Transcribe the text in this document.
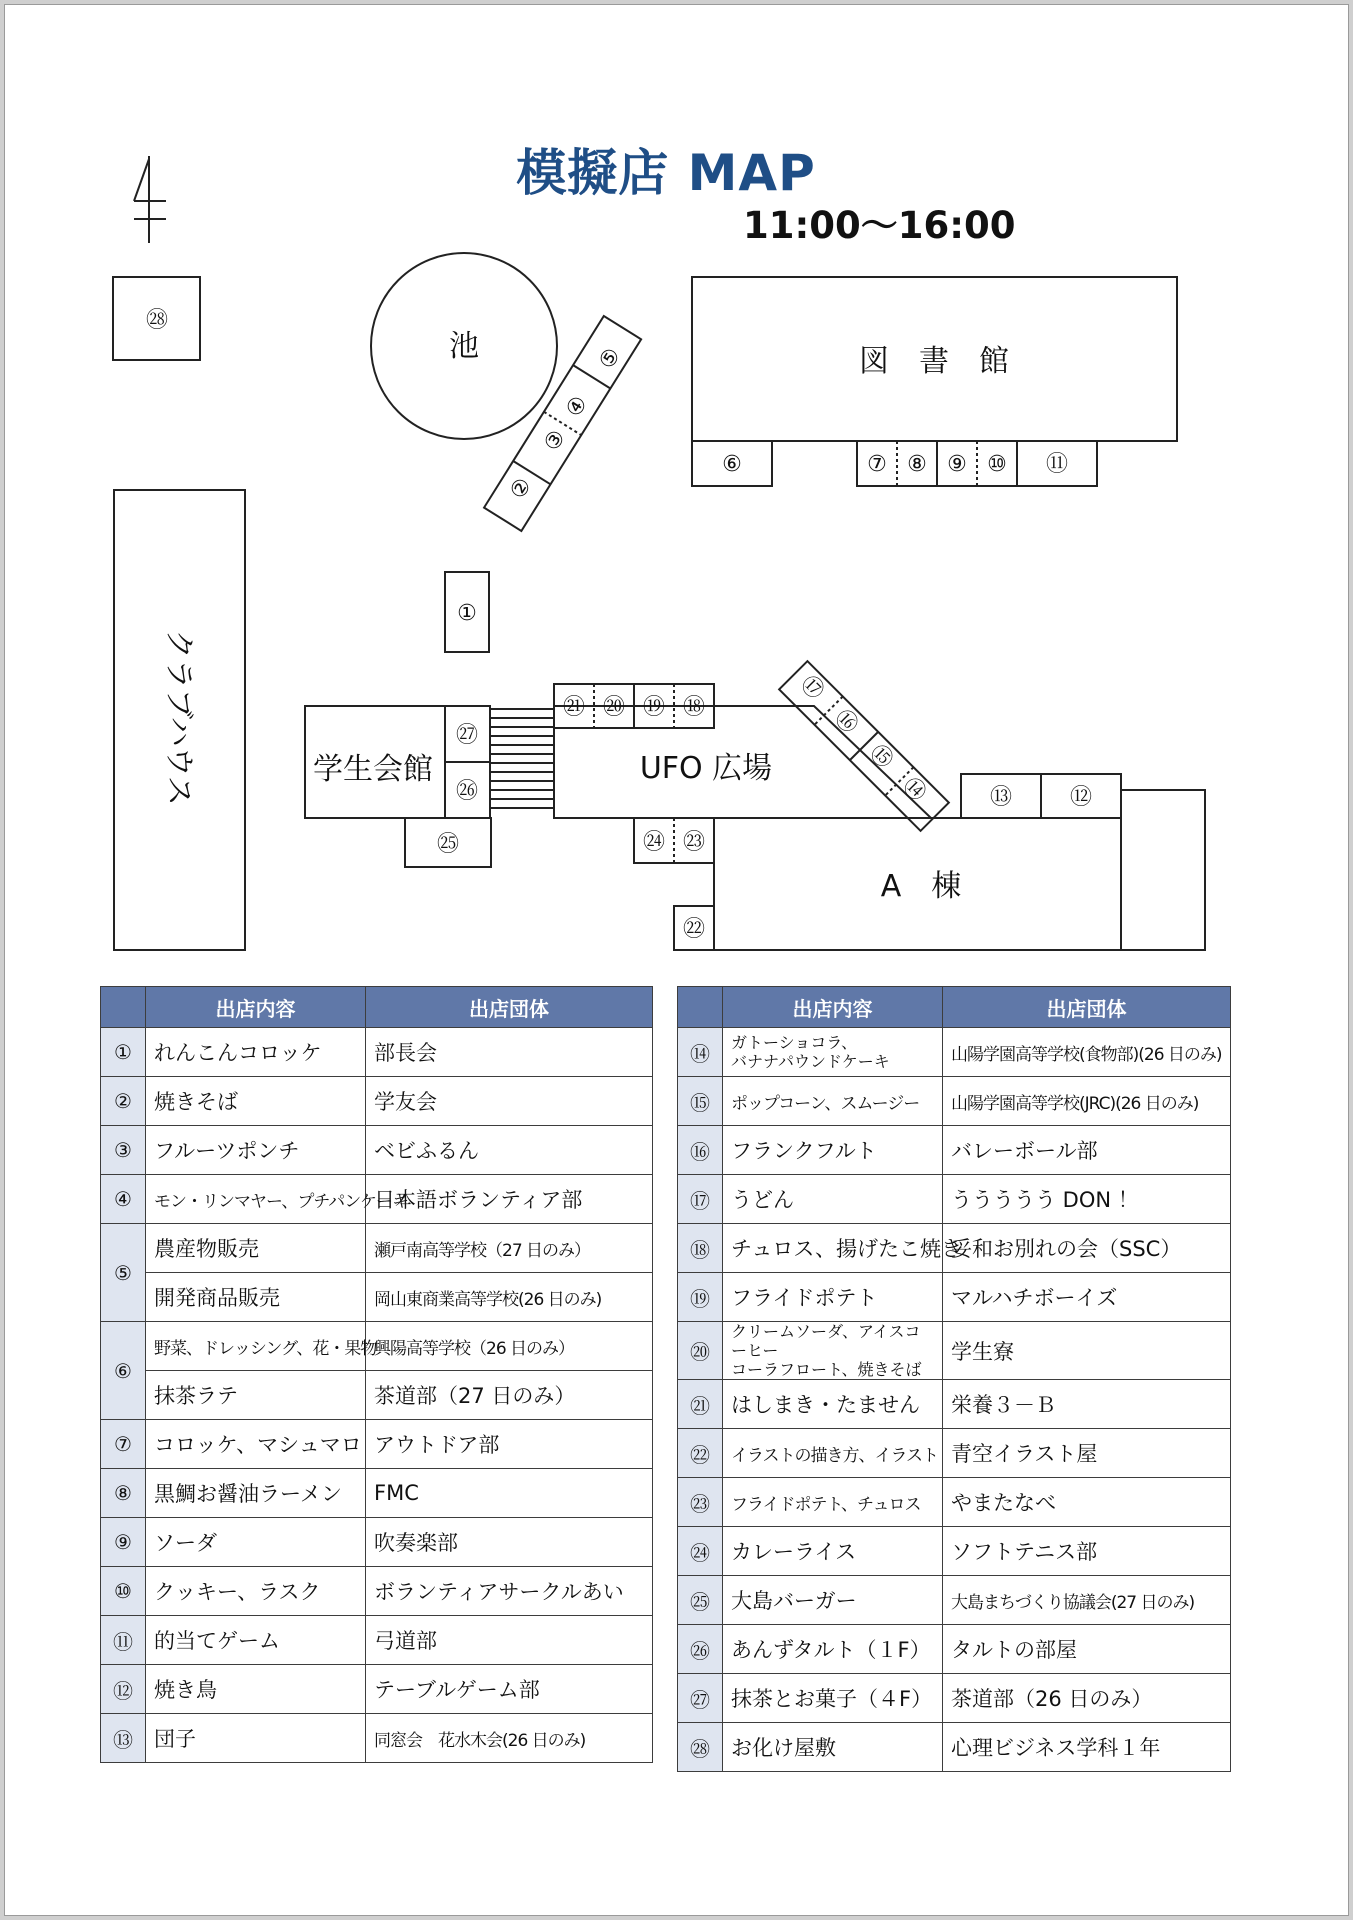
模擬店 MAP
11:00〜16:00
池	図　書　館
学生会館	UFO 広場
A　棟
クラブハウス
㉘
①
②
③
④
⑤
⑥	⑦ ⑧ ⑨ ⑩ ⑪
⑫
⑬
⑭
⑮
⑯
⑰
⑱
⑲
⑳
㉑
㉒
㉓
㉔
㉕
㉖
㉗
	出店内容	出店団体
①	れんこんコロッケ	部長会
②	焼きそば	学友会
③	フルーツポンチ	ベビふるん
④	モン・リンマヤー、プチパンケーキ	日本語ボランティア部
⑤	農産物販売	瀬戸南高等学校（27 日のみ）
	開発商品販売	岡山東商業高等学校(26 日のみ)
⑥	野菜、ドレッシング、花・果物	興陽高等学校（26 日のみ）
	抹茶ラテ	茶道部（27 日のみ）
⑦	コロッケ、マシュマロ	アウトドア部
⑧	黒鯛お醤油ラーメン	FMC
⑨	ソーダ	吹奏楽部
⑩	クッキー、ラスク	ボランティアサークルあい
⑪	的当てゲーム	弓道部
⑫	焼き鳥	テーブルゲーム部
⑬	団子	同窓会　花水木会(26 日のみ)
	出店内容	出店団体
⑭	ガトーショコラ、
バナナパウンドケーキ	山陽学園高等学校(食物部)(26 日のみ)
⑮	ポップコーン、スムージー	山陽学園高等学校(JRC)(26 日のみ)
⑯	フランクフルト	バレーボール部
⑰	うどん	ううううう DON ！
⑱	チュロス、揚げたこ焼き	妥和お別れの会（SSC）
⑲	フライドポテト	マルハチボーイズ
⑳	クリームソーダ、アイスコーヒー
コーラフロート、焼きそば	学生寮
㉑	はしまき・たません	栄養３－Ｂ
㉒	イラストの描き方、イラスト	青空イラスト屋
㉓	フライドポテト、チュロス	やまたなべ
㉔	カレーライス	ソフトテニス部
㉕	大島バーガー	大島まちづくり協議会(27 日のみ)
㉖	あんずタルト（１F）	タルトの部屋
㉗	抹茶とお菓子（４F）	茶道部（26 日のみ）
㉘	お化け屋敷	心理ビジネス学科１年
